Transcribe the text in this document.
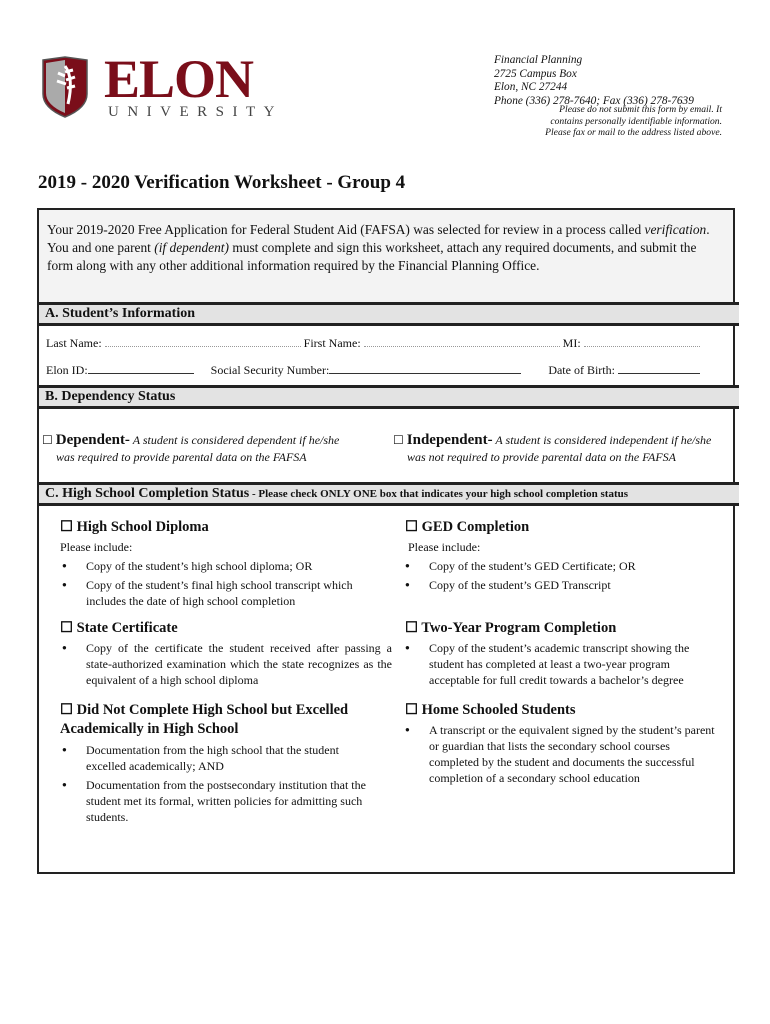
ELON
UNIVERSITY
Financial Planning
2725 Campus Box
Elon, NC 27244
Phone (336) 278-7640; Fax (336) 278-7639
Please do not submit this form by email. It
contains personally identifiable information.
Please fax or mail to the address listed above.
2019 - 2020 Verification Worksheet - Group 4
Your 2019-2020 Free Application for Federal Student Aid (FAFSA) was selected for review in a process called verification. You and one parent (if dependent) must complete and sign this worksheet, attach any required documents, and submit the form along with any other additional information required by the Financial Planning Office.
A. Student’s Information
Last Name:	First Name:	MI:
Elon ID:	Social Security Number:	Date of Birth:
B. Dependency Status
☐ Dependent- A student is considered dependent if he/she
was required to provide parental data on the FAFSA
☐ Independent- A student is considered independent if he/she
was not required to provide parental data on the FAFSA
C. High School Completion Status - Please check ONLY ONE box that indicates your high school completion status
☐ High School Diploma
Please include:
● Copy of the student’s high school diploma; OR
● Copy of the student’s final high school transcript which includes the date of high school completion
☐ GED Completion
Please include:
● Copy of the student’s GED Certificate; OR
● Copy of the student’s GED Transcript
☐ State Certificate
● Copy of the certificate the student received after passing a state-authorized examination which the state recognizes as the equivalent of a high school diploma
☐ Two-Year Program Completion
● Copy of the student’s academic transcript showing the student has completed at least a two-year program acceptable for full credit towards a bachelor’s degree
☐ Did Not Complete High School but Excelled Academically in High School
● Documentation from the high school that the student excelled academically; AND
● Documentation from the postsecondary institution that the student met its formal, written policies for admitting such students.
☐ Home Schooled Students
● A transcript or the equivalent signed by the student’s parent or guardian that lists the secondary school courses completed by the student and documents the successful completion of a secondary school education
